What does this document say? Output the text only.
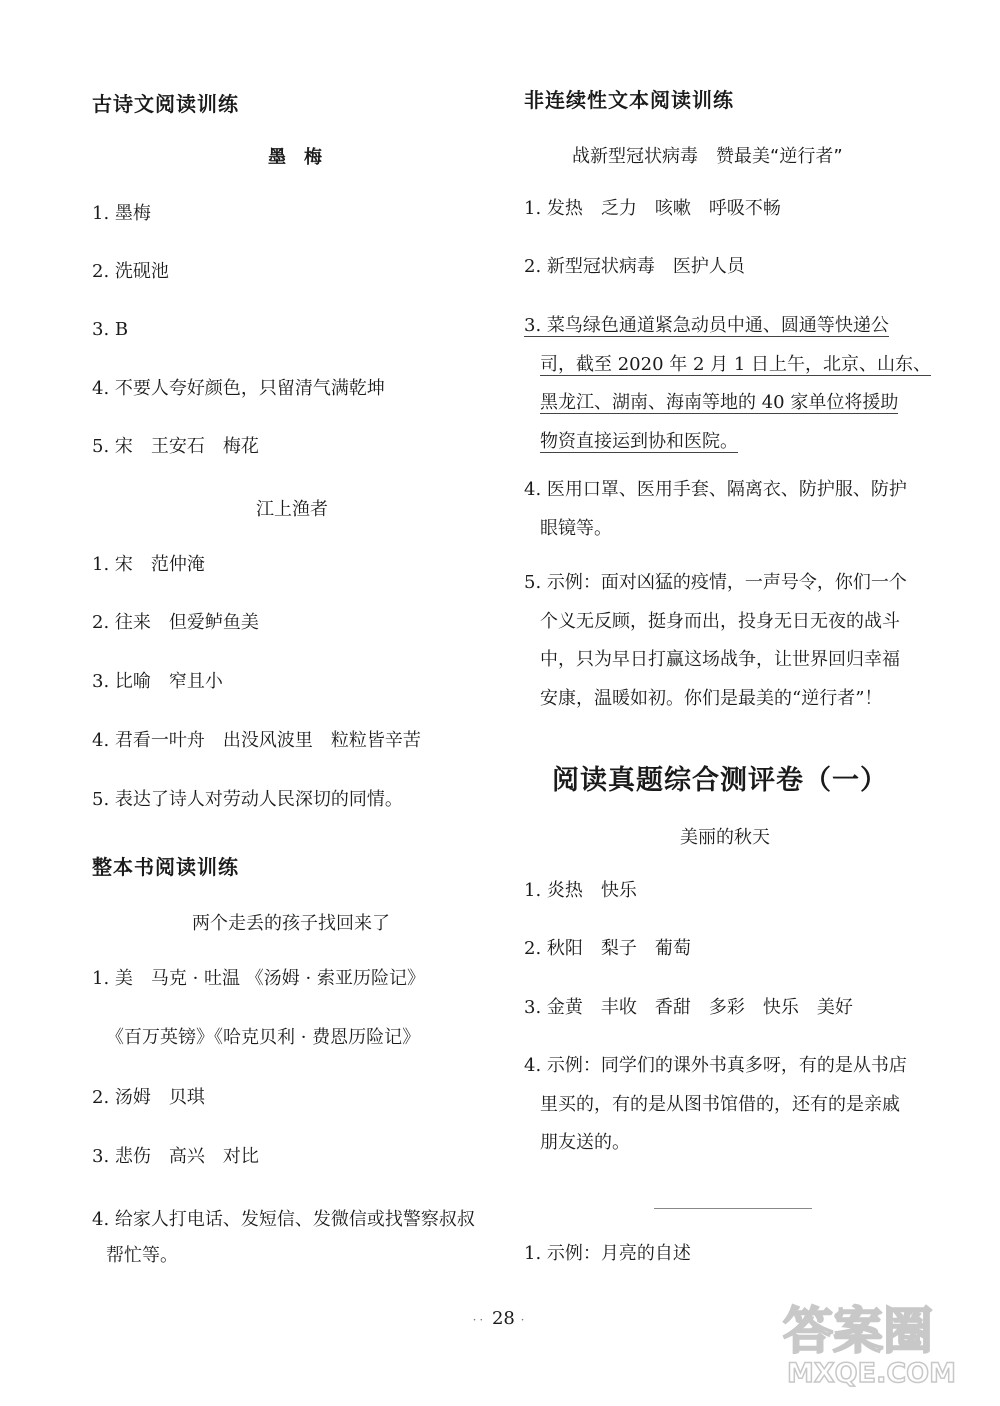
古诗文阅读训练
墨　梅
1. 墨梅
2. 洗砚池
3. B
4. 不要人夸好颜色，只留清气满乾坤
5. 宋　王安石　梅花
江上渔者
1. 宋　范仲淹
2. 往来　但爱鲈鱼美
3. 比喻　窄且小
4. 君看一叶舟　出没风波里　粒粒皆辛苦
5. 表达了诗人对劳动人民深切的同情。
整本书阅读训练
两个走丢的孩子找回来了
1. 美　马克 · 吐温 《汤姆 · 索亚历险记》
《百万英镑》《哈克贝利 · 费恩历险记》
2. 汤姆　贝琪
3. 悲伤　高兴　对比
4. 给家人打电话、发短信、发微信或找警察叔叔
帮忙等。
非连续性文本阅读训练
战新型冠状病毒　赞最美“逆行者”
1. 发热　乏力　咳嗽　呼吸不畅
2. 新型冠状病毒　医护人员
3. 菜鸟绿色通道紧急动员中通、圆通等快递公
司，截至 2020 年 2 月 1 日上午，北京、山东、
黑龙江、湖南、海南等地的 40 家单位将援助
物资直接运到协和医院。
4. 医用口罩、医用手套、隔离衣、防护服、防护
眼镜等。
5. 示例：面对凶猛的疫情，一声号令，你们一个
个义无反顾，挺身而出，投身无日无夜的战斗
中，只为早日打赢这场战争，让世界回归幸福
安康，温暖如初。你们是最美的“逆行者”！
阅读真题综合测评卷（一）
美丽的秋天
1. 炎热　快乐
2. 秋阳　梨子　葡萄
3. 金黄　丰收　香甜　多彩　快乐　美好
4. 示例：同学们的课外书真多呀，有的是从书店
里买的，有的是从图书馆借的，还有的是亲戚
朋友送的。
1. 示例：月亮的自述
·· 28 ·	答案圈
MXQE.COM
